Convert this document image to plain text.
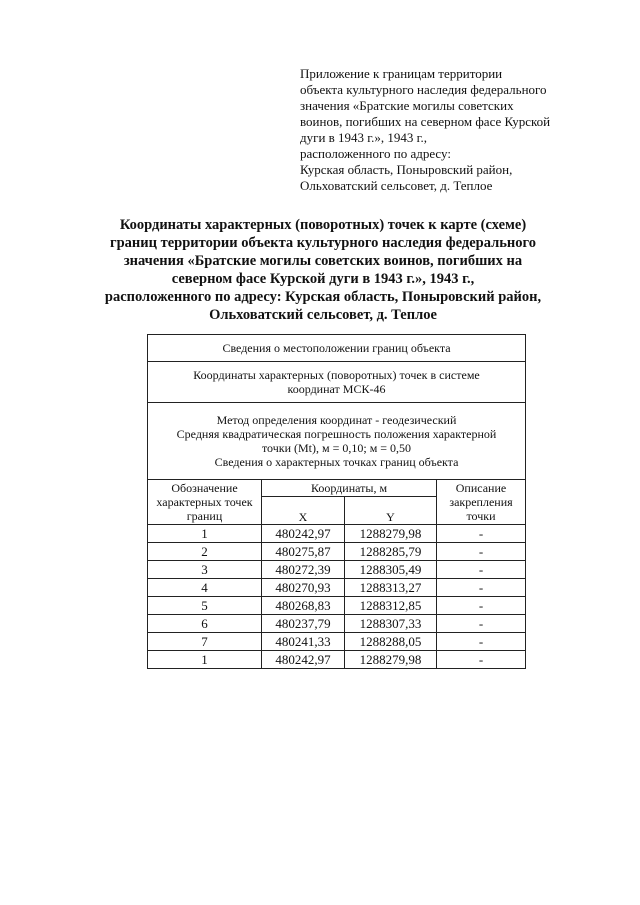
Приложение к границам территории
объекта культурного наследия федерального
значения «Братские могилы советских
воинов, погибших на северном фасе Курской
дуги в 1943 г.», 1943 г.,
расположенного по адресу:
Курская область, Поныровский район,
Ольховатский сельсовет, д. Теплое
Координаты характерных (поворотных) точек к карте (схеме)
границ территории объекта культурного наследия федерального
значения «Братские могилы советских воинов, погибших на
северном фасе Курской дуги в 1943 г.», 1943 г.,
расположенного по адресу: Курская область, Поныровский район,
Ольховатский сельсовет, д. Теплое
Сведения о местоположении границ объекта			

Координаты характерных (поворотных) точек в системе
координат МСК-46			

Метод определения координат - геодезический
Средняя квадратическая погрешность положения характерной
точки (Mt), м = 0,10; м = 0,50
Сведения о характерных точках границ объекта			

Обозначение характерных точек границ	Координаты, м		Описание закрепления точки
	X	Y	
1	480242,97	1288279,98	-
2	480275,87	1288285,79	-
3	480272,39	1288305,49	-
4	480270,93	1288313,27	-
5	480268,83	1288312,85	-
6	480237,79	1288307,33	-
7	480241,33	1288288,05	-
1	480242,97	1288279,98	-
